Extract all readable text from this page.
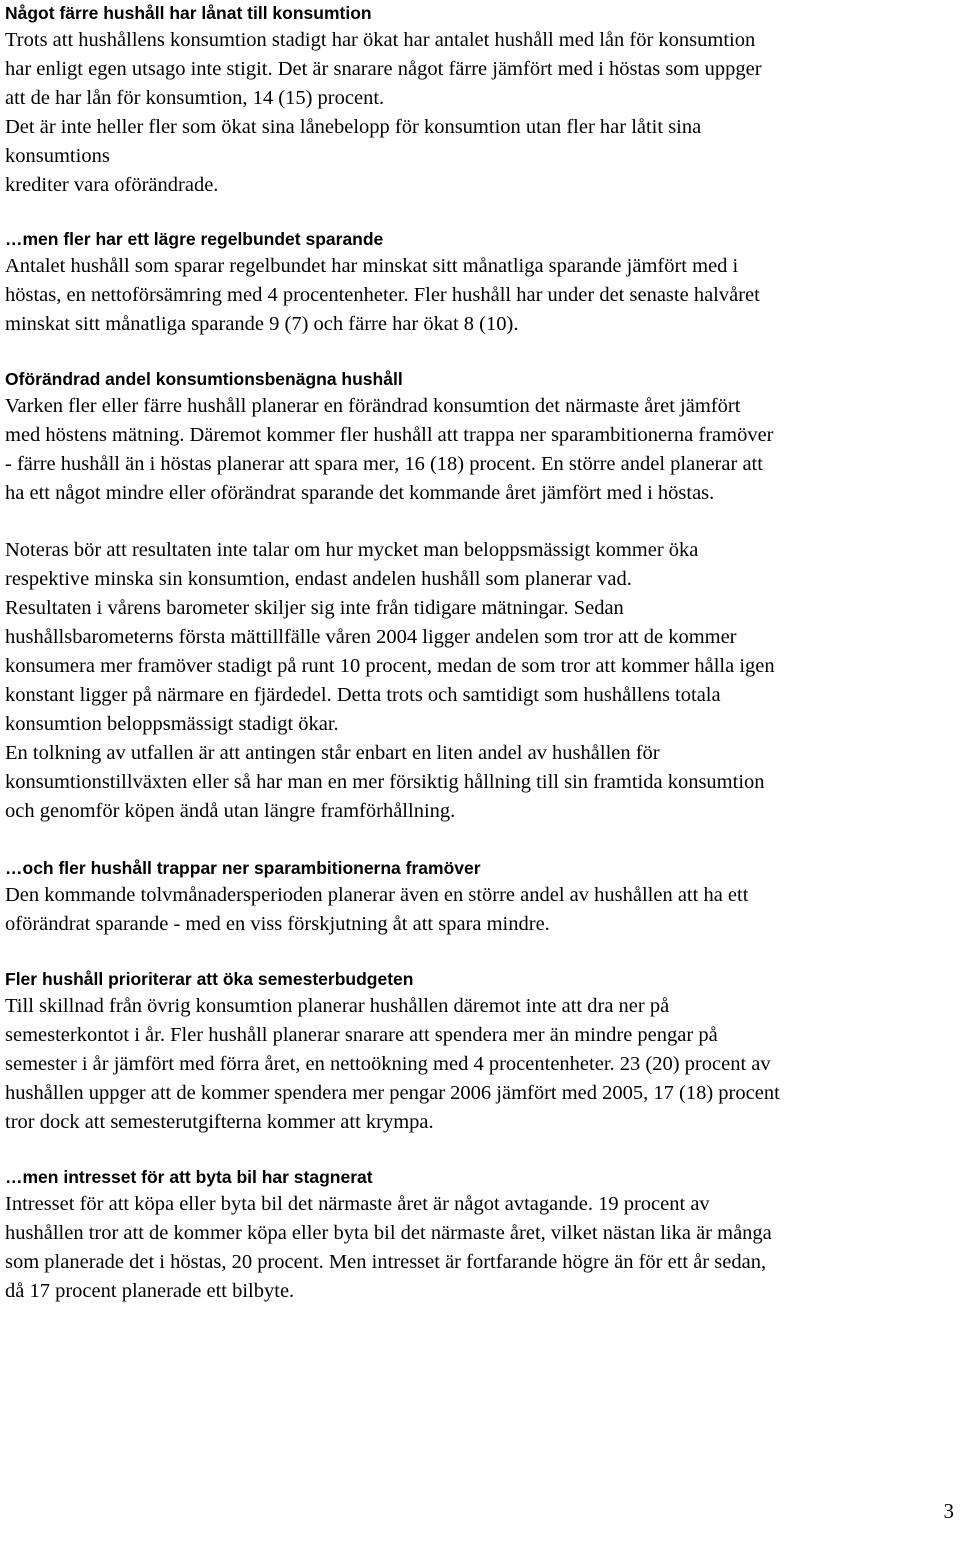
Något färre hushåll har lånat till konsumtion

Trots att hushållens konsumtion stadigt har ökat har antalet hushåll med lån för konsumtion
har enligt egen utsago inte stigit. Det är snarare något färre jämfört med i höstas som uppger
att de har lån för konsumtion, 14 (15) procent.

Det är inte heller fler som ökat sina lånebelopp för konsumtion utan fler har låtit sina
konsumtions
krediter vara oförändrade.

…men fler har ett lägre regelbundet sparande

Antalet hushåll som sparar regelbundet har minskat sitt månatliga sparande jämfört med i
höstas, en nettoförsämring med 4 procentenheter. Fler hushåll har under det senaste halvåret
minskat sitt månatliga sparande 9 (7) och färre har ökat 8 (10).

Oförändrad andel konsumtionsbenägna hushåll

Varken fler eller färre hushåll planerar en förändrad konsumtion det närmaste året jämfört
med höstens mätning. Däremot kommer fler hushåll att trappa ner sparambitionerna framöver
- färre hushåll än i höstas planerar att spara mer, 16 (18) procent. En större andel planerar att
ha ett något mindre eller oförändrat sparande det kommande året jämfört med i höstas.

Noteras bör att resultaten inte talar om hur mycket man beloppsmässigt kommer öka
respektive minska sin konsumtion, endast andelen hushåll som planerar vad.
Resultaten i vårens barometer skiljer sig inte från tidigare mätningar. Sedan
hushållsbarometerns första mättillfälle våren 2004 ligger andelen som tror att de kommer
konsumera mer framöver stadigt på runt 10 procent, medan de som tror att kommer hålla igen
konstant ligger på närmare en fjärdedel. Detta trots och samtidigt som hushållens totala
konsumtion beloppsmässigt stadigt ökar.
En tolkning av utfallen är att antingen står enbart en liten andel av hushållen för
konsumtionstillväxten eller så har man en mer försiktig hållning till sin framtida konsumtion
och genomför köpen ändå utan längre framförhållning.

…och fler hushåll trappar ner sparambitionerna framöver

Den kommande tolvmånadersperioden planerar även en större andel av hushållen att ha ett
oförändrat sparande - med en viss förskjutning åt att spara mindre.

Fler hushåll prioriterar att öka semesterbudgeten

Till skillnad från övrig konsumtion planerar hushållen däremot inte att dra ner på
semesterkontot i år. Fler hushåll planerar snarare att spendera mer än mindre pengar på
semester i år jämfört med förra året, en nettoökning med 4 procentenheter. 23 (20) procent av
hushållen uppger att de kommer spendera mer pengar 2006 jämfört med 2005, 17 (18) procent
tror dock att semesterutgifterna kommer att krympa.

…men intresset för att byta bil har stagnerat

Intresset för att köpa eller byta bil det närmaste året är något avtagande. 19 procent av
hushållen tror att de kommer köpa eller byta bil det närmaste året, vilket nästan lika är många
som planerade det i höstas, 20 procent. Men intresset är fortfarande högre än för ett år sedan,
då 17 procent planerade ett bilbyte.

3
